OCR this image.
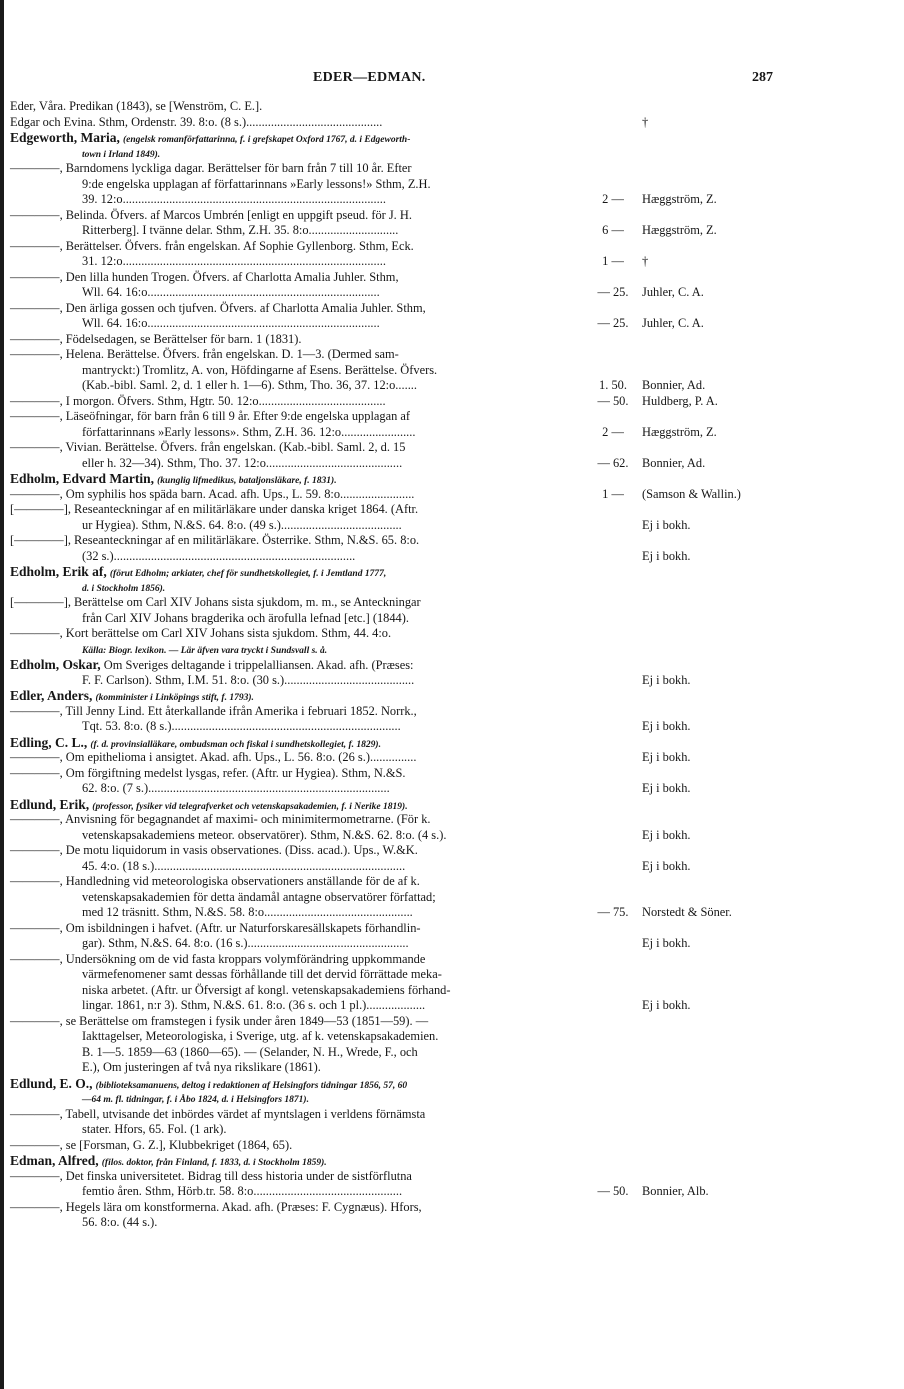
EDER—EDMAN.	287
Eder, Våra. Predikan (1843), se [Wenström, C. E.].
Edgar och Evina. Sthm, Ordenstr. 39. 8:o. (8 s.)............................................	†
Edgeworth, Maria, (engelsk romanförfattarinna, f. i grefskapet Oxford 1767, d. i Edgeworth-
town i Irland 1849).
————, Barndomens lyckliga dagar. Berättelser för barn från 7 till 10 år. Efter
9:de engelska upplagan af författarinnans »Early lessons!» Sthm, Z.H.
39. 12:o.....................................................................................	2 —	Hæggström, Z.
————, Belinda. Öfvers. af Marcos Umbrén [enligt en uppgift pseud. för J. H.
Ritterberg]. I tvänne delar. Sthm, Z.H. 35. 8:o.............................	6 —	Hæggström, Z.
————, Berättelser. Öfvers. från engelskan. Af Sophie Gyllenborg. Sthm, Eck.
31. 12:o.....................................................................................	1 —	†
————, Den lilla hunden Trogen. Öfvers. af Charlotta Amalia Juhler. Sthm,
Wll. 64. 16:o...........................................................................	— 25.	Juhler, C. A.
————, Den ärliga gossen och tjufven. Öfvers. af Charlotta Amalia Juhler. Sthm,
Wll. 64. 16:o...........................................................................	— 25.	Juhler, C. A.
————, Födelsedagen, se Berättelser för barn. 1 (1831).
————, Helena. Berättelse. Öfvers. från engelskan. D. 1—3. (Dermed sam-
mantryckt:) Tromlitz, A. von, Höfdingarne af Esens. Berättelse. Öfvers.
(Kab.-bibl. Saml. 2, d. 1 eller h. 1—6). Sthm, Tho. 36, 37. 12:o.......	1. 50.	Bonnier, Ad.
————, I morgon. Öfvers. Sthm, Hgtr. 50. 12:o.........................................	— 50.	Huldberg, P. A.
————, Läseöfningar, för barn från 6 till 9 år. Efter 9:de engelska upplagan af
författarinnans »Early lessons». Sthm, Z.H. 36. 12:o........................	2 —	Hæggström, Z.
————, Vivian. Berättelse. Öfvers. från engelskan. (Kab.-bibl. Saml. 2, d. 15
eller h. 32—34). Sthm, Tho. 37. 12:o............................................	— 62.	Bonnier, Ad.
Edholm, Edvard Martin, (kunglig lifmedikus, bataljonsläkare, f. 1831).
————, Om syphilis hos späda barn. Acad. afh. Ups., L. 59. 8:o........................	1 —	(Samson & Wallin.)
[————], Reseanteckningar af en militärläkare under danska kriget 1864. (Aftr.
ur Hygiea). Sthm, N.&S. 64. 8:o. (49 s.).......................................	Ej i bokh.
[————], Reseanteckningar af en militärläkare. Österrike. Sthm, N.&S. 65. 8:o.
(32 s.)..............................................................................	Ej i bokh.
Edholm, Erik af, (förut Edholm; arkiater, chef för sundhetskollegiet, f. i Jemtland 1777,
d. i Stockholm 1856).
[————], Berättelse om Carl XIV Johans sista sjukdom, m. m., se Anteckningar
från Carl XIV Johans bragderika och ärofulla lefnad [etc.] (1844).
————, Kort berättelse om Carl XIV Johans sista sjukdom. Sthm, 44. 4:o.
Källa: Biogr. lexikon. — Lär äfven vara tryckt i Sundsvall s. å.
Edholm, Oskar, Om Sveriges deltagande i trippelalliansen. Akad. afh. (Præses:
F. F. Carlson). Sthm, I.M. 51. 8:o. (30 s.)..........................................	Ej i bokh.
Edler, Anders, (komminister i Linköpings stift, f. 1793).
————, Till Jenny Lind. Ett återkallande ifrån Amerika i februari 1852. Norrk.,
Tqt. 53. 8:o. (8 s.)..........................................................................	Ej i bokh.
Edling, C. L., (f. d. provinsialläkare, ombudsman och fiskal i sundhetskollegiet, f. 1829).
————, Om epithelioma i ansigtet. Akad. afh. Ups., L. 56. 8:o. (26 s.)...............	Ej i bokh.
————, Om förgiftning medelst lysgas, refer. (Aftr. ur Hygiea). Sthm, N.&S.
62. 8:o. (7 s.)..............................................................................	Ej i bokh.
Edlund, Erik, (professor, fysiker vid telegrafverket och vetenskapsakademien, f. i Nerike 1819).
————, Anvisning för begagnandet af maximi- och minimitermometrarne. (För k.
vetenskapsakademiens meteor. observatörer). Sthm, N.&S. 62. 8:o. (4 s.).	Ej i bokh.
————, De motu liquidorum in vasis observationes. (Diss. acad.). Ups., W.&K.
45. 4:o. (18 s.).................................................................................	Ej i bokh.
————, Handledning vid meteorologiska observationers anställande för de af k.
vetenskapsakademien för detta ändamål antagne observatörer författad;
med 12 träsnitt. Sthm, N.&S. 58. 8:o................................................	— 75.	Norstedt & Söner.
————, Om isbildningen i hafvet. (Aftr. ur Naturforskaresällskapets förhandlin-
gar). Sthm, N.&S. 64. 8:o. (16 s.)....................................................	Ej i bokh.
————, Undersökning om de vid fasta kroppars volymförändring uppkommande
värmefenomener samt dessas förhållande till det dervid förrättade meka-
niska arbetet. (Aftr. ur Öfversigt af kongl. vetenskapsakademiens förhand-
lingar. 1861, n:r 3). Sthm, N.&S. 61. 8:o. (36 s. och 1 pl.)...................	Ej i bokh.
————, se Berättelse om framstegen i fysik under åren 1849—53 (1851—59). —
Iakttagelser, Meteorologiska, i Sverige, utg. af k. vetenskapsakademien.
B. 1—5. 1859—63 (1860—65). — (Selander, N. H., Wrede, F., och
E.), Om justeringen af två nya rikslikare (1861).
Edlund, E. O., (biblioteksamanuens, deltog i redaktionen af Helsingfors tidningar 1856, 57, 60
—64 m. fl. tidningar, f. i Åbo 1824, d. i Helsingfors 1871).
————, Tabell, utvisande det inbördes värdet af myntslagen i verldens förnämsta
stater. Hfors, 65. Fol. (1 ark).
————, se [Forsman, G. Z.], Klubbekriget (1864, 65).
Edman, Alfred, (filos. doktor, från Finland, f. 1833, d. i Stockholm 1859).
————, Det finska universitetet. Bidrag till dess historia under de sistförflutna
femtio åren. Sthm, Hörb.tr. 58. 8:o................................................	— 50.	Bonnier, Alb.
————, Hegels lära om konstformerna. Akad. afh. (Præses: F. Cygnæus). Hfors,
56. 8:o. (44 s.).
